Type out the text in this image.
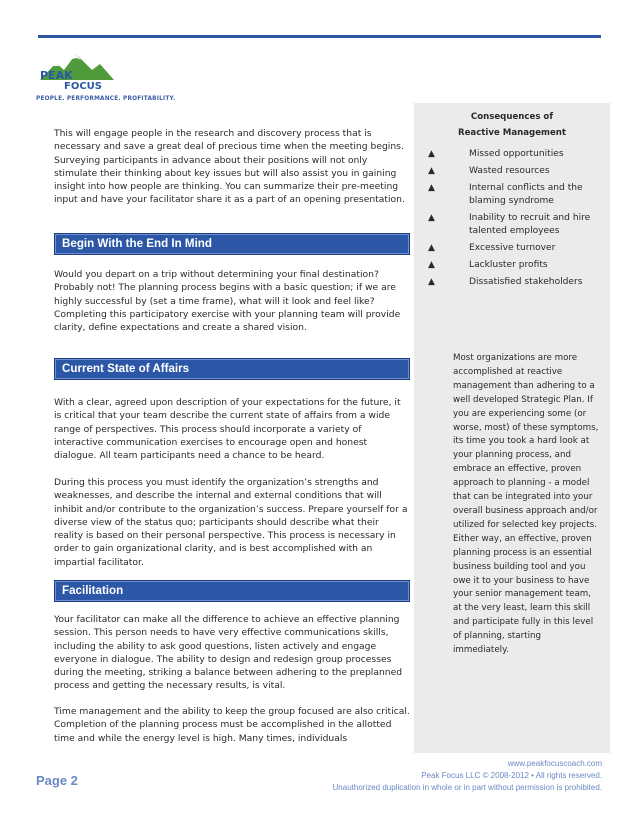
PEAK
FOCUS
PEOPLE. PERFORMANCE. PROFITABILITY.

This will engage people in the research and discovery process that is necessary and save a great deal of precious time when the meeting begins. Surveying participants in advance about their positions will not only stimulate their thinking about key issues but will also assist you in gaining insight into how people are thinking. You can summarize their pre-meeting input and have your facilitator share it as a part of an opening presentation.

Begin With the End In Mind

Would you depart on a trip without determining your final destination? Probably not! The planning process begins with a basic question; if we are highly successful by (set a time frame), what will it look and feel like? Completing this participatory exercise with your planning team will provide clarity, define expectations and create a shared vision.

Current State of Affairs

With a clear, agreed upon description of your expectations for the future, it is critical that your team describe the current state of affairs from a wide range of perspectives. This process should incorporate a variety of interactive communication exercises to encourage open and honest dialogue. All team participants need a chance to be heard.

During this process you must identify the organization’s strengths and weaknesses, and describe the internal and external conditions that will inhibit and/or contribute to the organization’s success. Prepare yourself for a diverse view of the status quo; participants should describe what their reality is based on their personal perspective. This process is necessary in order to gain organizational clarity, and is best accomplished with an impartial facilitator.

Facilitation

Your facilitator can make all the difference to achieve an effective planning session. This person needs to have very effective communications skills, including the ability to ask good questions, listen actively and engage everyone in dialogue. The ability to design and redesign group processes during the meeting, striking a balance between adhering to the preplanned process and getting the necessary results, is vital.

Time management and the ability to keep the group focused are also critical. Completion of the planning process must be accomplished in the allotted time and while the energy level is high. Many times, individuals

Consequences of
Reactive Management
▲	Missed opportunities
▲	Wasted resources
▲	Internal conflicts and the blaming syndrome
▲	Inability to recruit and hire talented employees
▲	Excessive turnover
▲	Lackluster profits
▲	Dissatisfied stakeholders

Most organizations are more accomplished at reactive management than adhering to a well developed Strategic Plan. If you are experiencing some (or worse, most) of these symptoms, its time you took a hard look at your planning process, and embrace an effective, proven approach to planning - a model that can be integrated into your overall business approach and/or utilized for selected key projects. Either way, an effective, proven planning process is an essential business building tool and you owe it to your business to have your senior management team, at the very least, learn this skill and participate fully in this level of planning, starting immediately.

Page 2
www.peakfocuscoach.com
Peak Focus LLC © 2008-2012 • All rights reserved.
Unauthorized duplication in whole or in part without permission is prohibited.
